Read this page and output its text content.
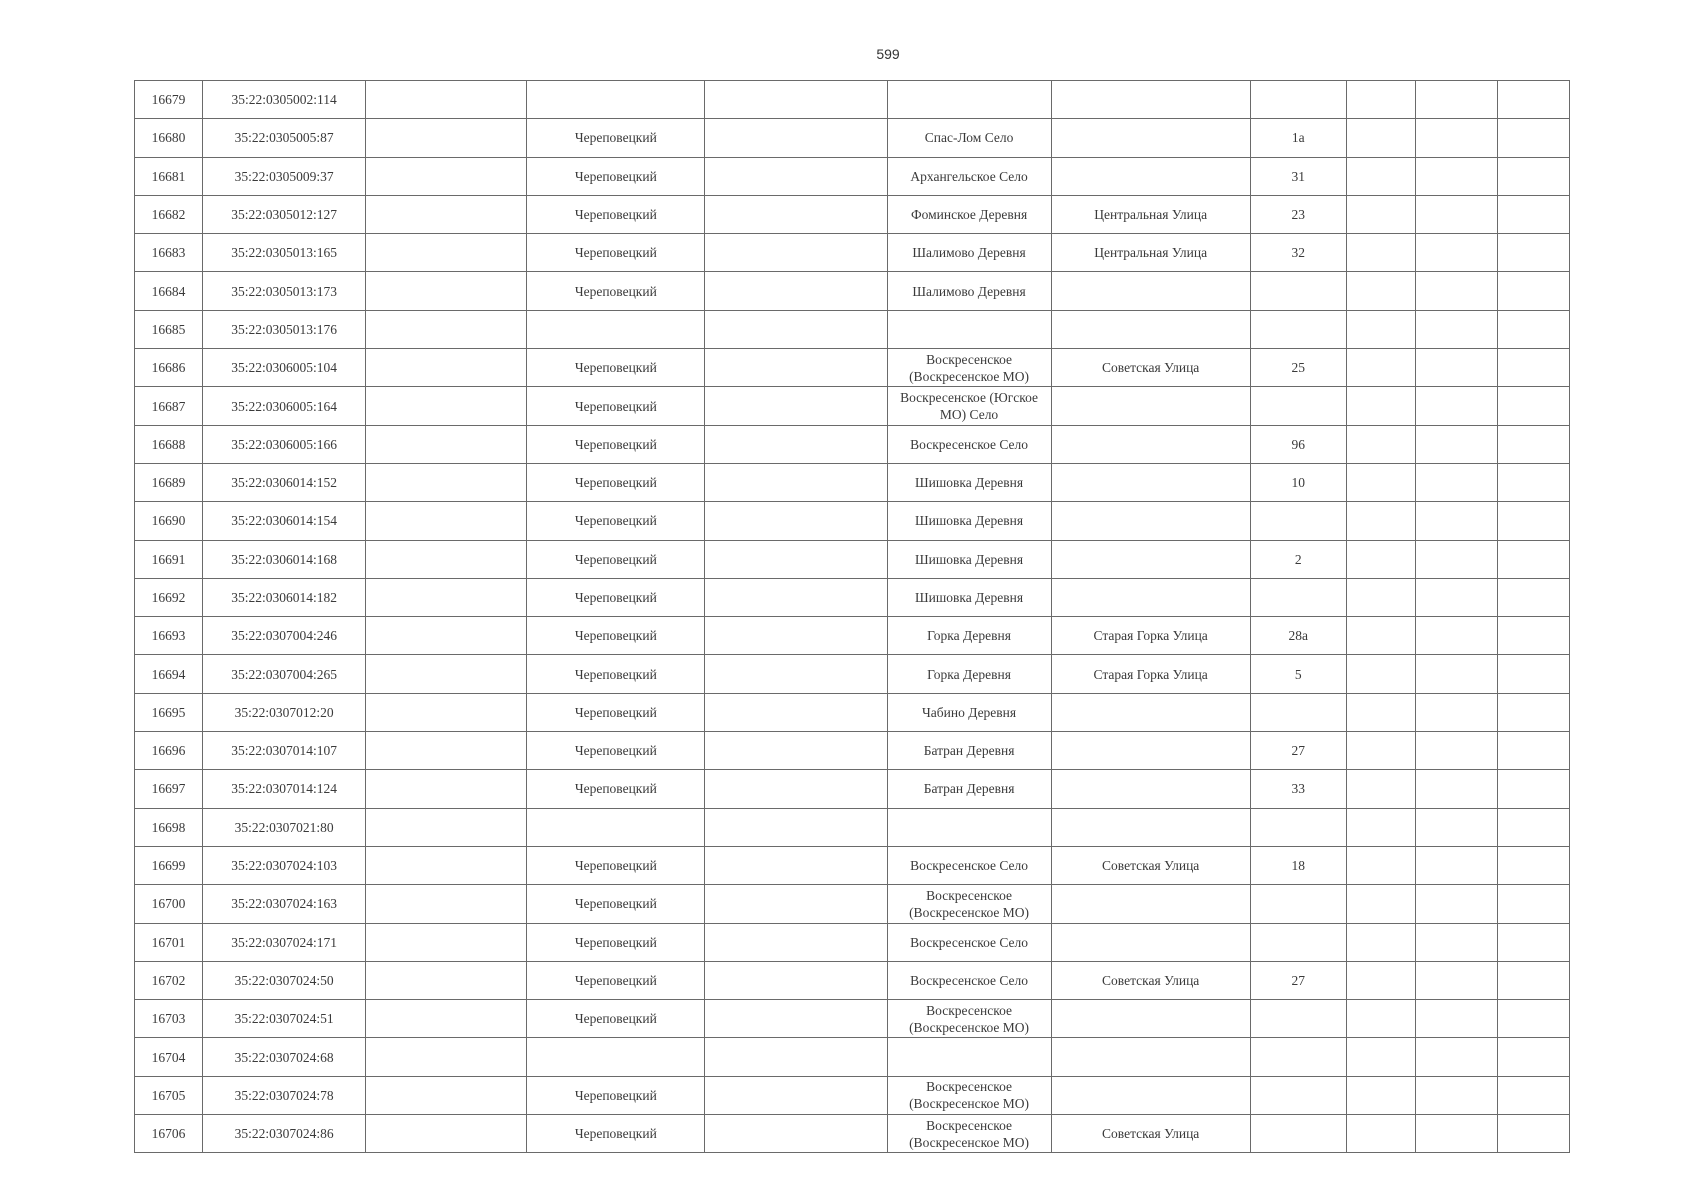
599
16679	35:22:0305002:114									
16680	35:22:0305005:87		Череповецкий		Спас-Лом Село		1а			
16681	35:22:0305009:37		Череповецкий		Архангельское Село		31			
16682	35:22:0305012:127		Череповецкий		Фоминское Деревня	Центральная Улица	23			
16683	35:22:0305013:165		Череповецкий		Шалимово Деревня	Центральная Улица	32			
16684	35:22:0305013:173		Череповецкий		Шалимово Деревня					
16685	35:22:0305013:176									
16686	35:22:0306005:104		Череповецкий		Воскресенское (Воскресенское МО)	Советская Улица	25			
16687	35:22:0306005:164		Череповецкий		Воскресенское (Югское МО) Село					
16688	35:22:0306005:166		Череповецкий		Воскресенское Село		96			
16689	35:22:0306014:152		Череповецкий		Шишовка Деревня		10			
16690	35:22:0306014:154		Череповецкий		Шишовка Деревня					
16691	35:22:0306014:168		Череповецкий		Шишовка Деревня		2			
16692	35:22:0306014:182		Череповецкий		Шишовка Деревня					
16693	35:22:0307004:246		Череповецкий		Горка Деревня	Старая Горка Улица	28а			
16694	35:22:0307004:265		Череповецкий		Горка Деревня	Старая Горка Улица	5			
16695	35:22:0307012:20		Череповецкий		Чабино Деревня					
16696	35:22:0307014:107		Череповецкий		Батран Деревня		27			
16697	35:22:0307014:124		Череповецкий		Батран Деревня		33			
16698	35:22:0307021:80									
16699	35:22:0307024:103		Череповецкий		Воскресенское Село	Советская Улица	18			
16700	35:22:0307024:163		Череповецкий		Воскресенское (Воскресенское МО)					
16701	35:22:0307024:171		Череповецкий		Воскресенское Село					
16702	35:22:0307024:50		Череповецкий		Воскресенское Село	Советская Улица	27			
16703	35:22:0307024:51		Череповецкий		Воскресенское (Воскресенское МО)					
16704	35:22:0307024:68									
16705	35:22:0307024:78		Череповецкий		Воскресенское (Воскресенское МО)					
16706	35:22:0307024:86		Череповецкий		Воскресенское (Воскресенское МО)	Советская Улица				
